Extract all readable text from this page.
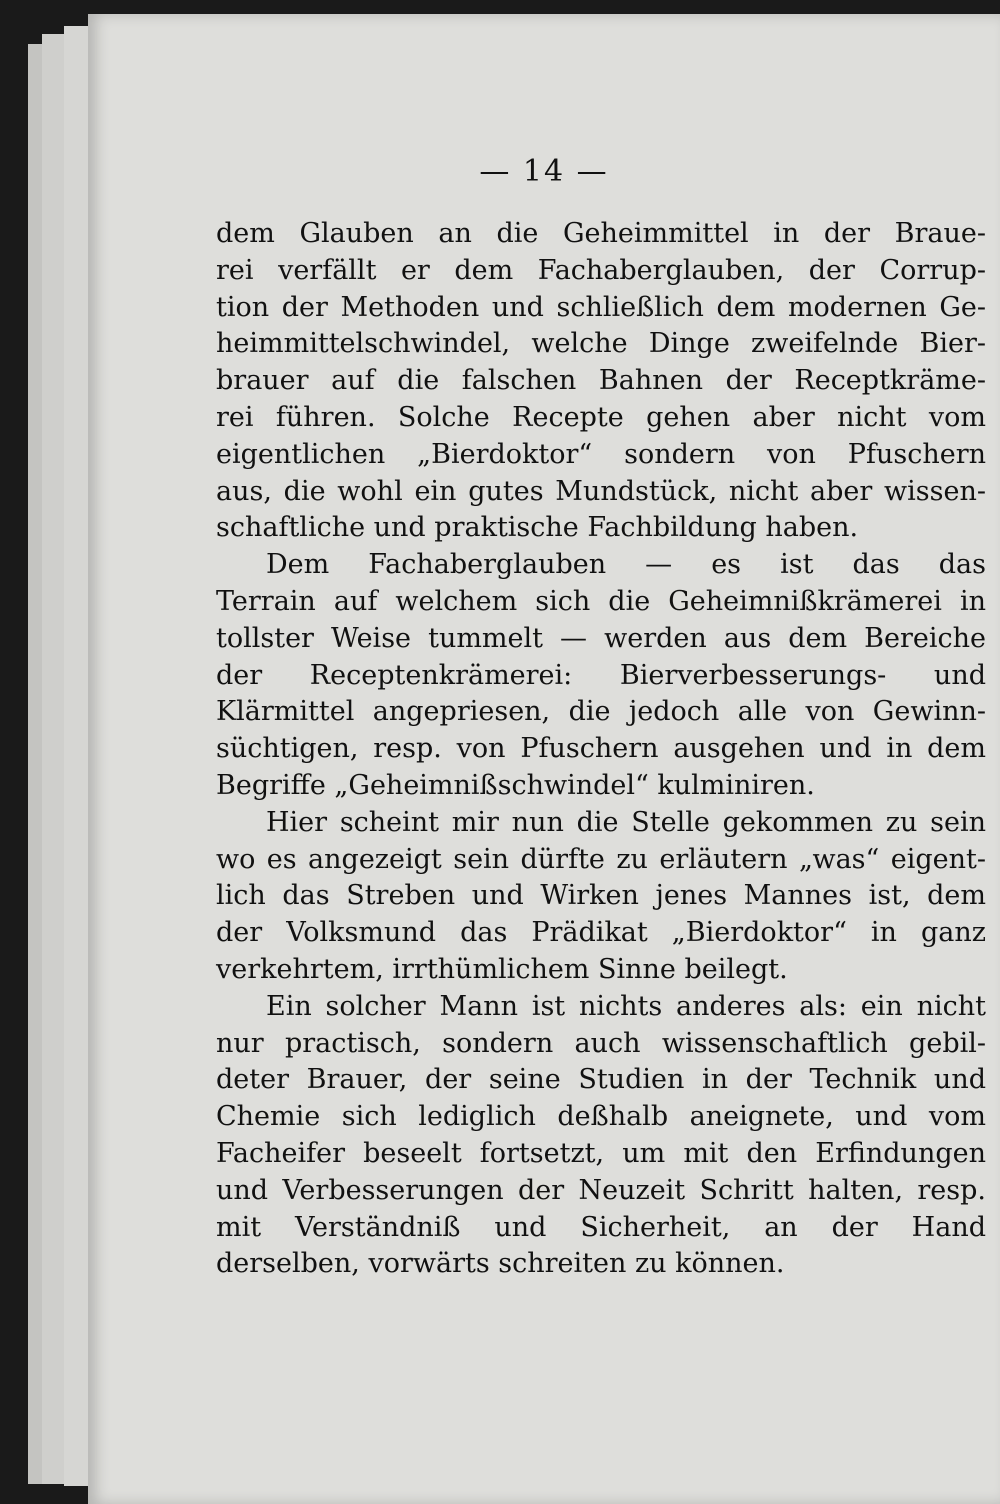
— 14 —
dem Glauben an die Geheimmittel in der Braue-
rei verfällt er dem Fachaberglauben, der Corrup-
tion der Methoden und schließlich dem modernen Ge-
heimmittelschwindel, welche Dinge zweifelnde Bier-
brauer auf die falschen Bahnen der Receptkräme-
rei führen. Solche Recepte gehen aber nicht vom
eigentlichen „Bierdoktor“ sondern von Pfuschern
aus, die wohl ein gutes Mundstück, nicht aber wissen-
schaftliche und praktische Fachbildung haben.
Dem Fachaberglauben — es ist das das
Terrain auf welchem sich die Geheimnißkrämerei in
tollster Weise tummelt — werden aus dem Bereiche
der Receptenkrämerei: Bierverbesserungs- und
Klärmittel angepriesen, die jedoch alle von Gewinn-
süchtigen, resp. von Pfuschern ausgehen und in dem
Begriffe „Geheimnißschwindel“ kulminiren.
Hier scheint mir nun die Stelle gekommen zu sein
wo es angezeigt sein dürfte zu erläutern „was“ eigent-
lich das Streben und Wirken jenes Mannes ist, dem
der Volksmund das Prädikat „Bierdoktor“ in ganz
verkehrtem, irrthümlichem Sinne beilegt.
Ein solcher Mann ist nichts anderes als: ein nicht
nur practisch, sondern auch wissenschaftlich gebil-
deter Brauer, der seine Studien in der Technik und
Chemie sich lediglich deßhalb aneignete, und vom
Facheifer beseelt fortsetzt, um mit den Erfindungen
und Verbesserungen der Neuzeit Schritt halten, resp.
mit Verständniß und Sicherheit, an der Hand
derselben, vorwärts schreiten zu können.
